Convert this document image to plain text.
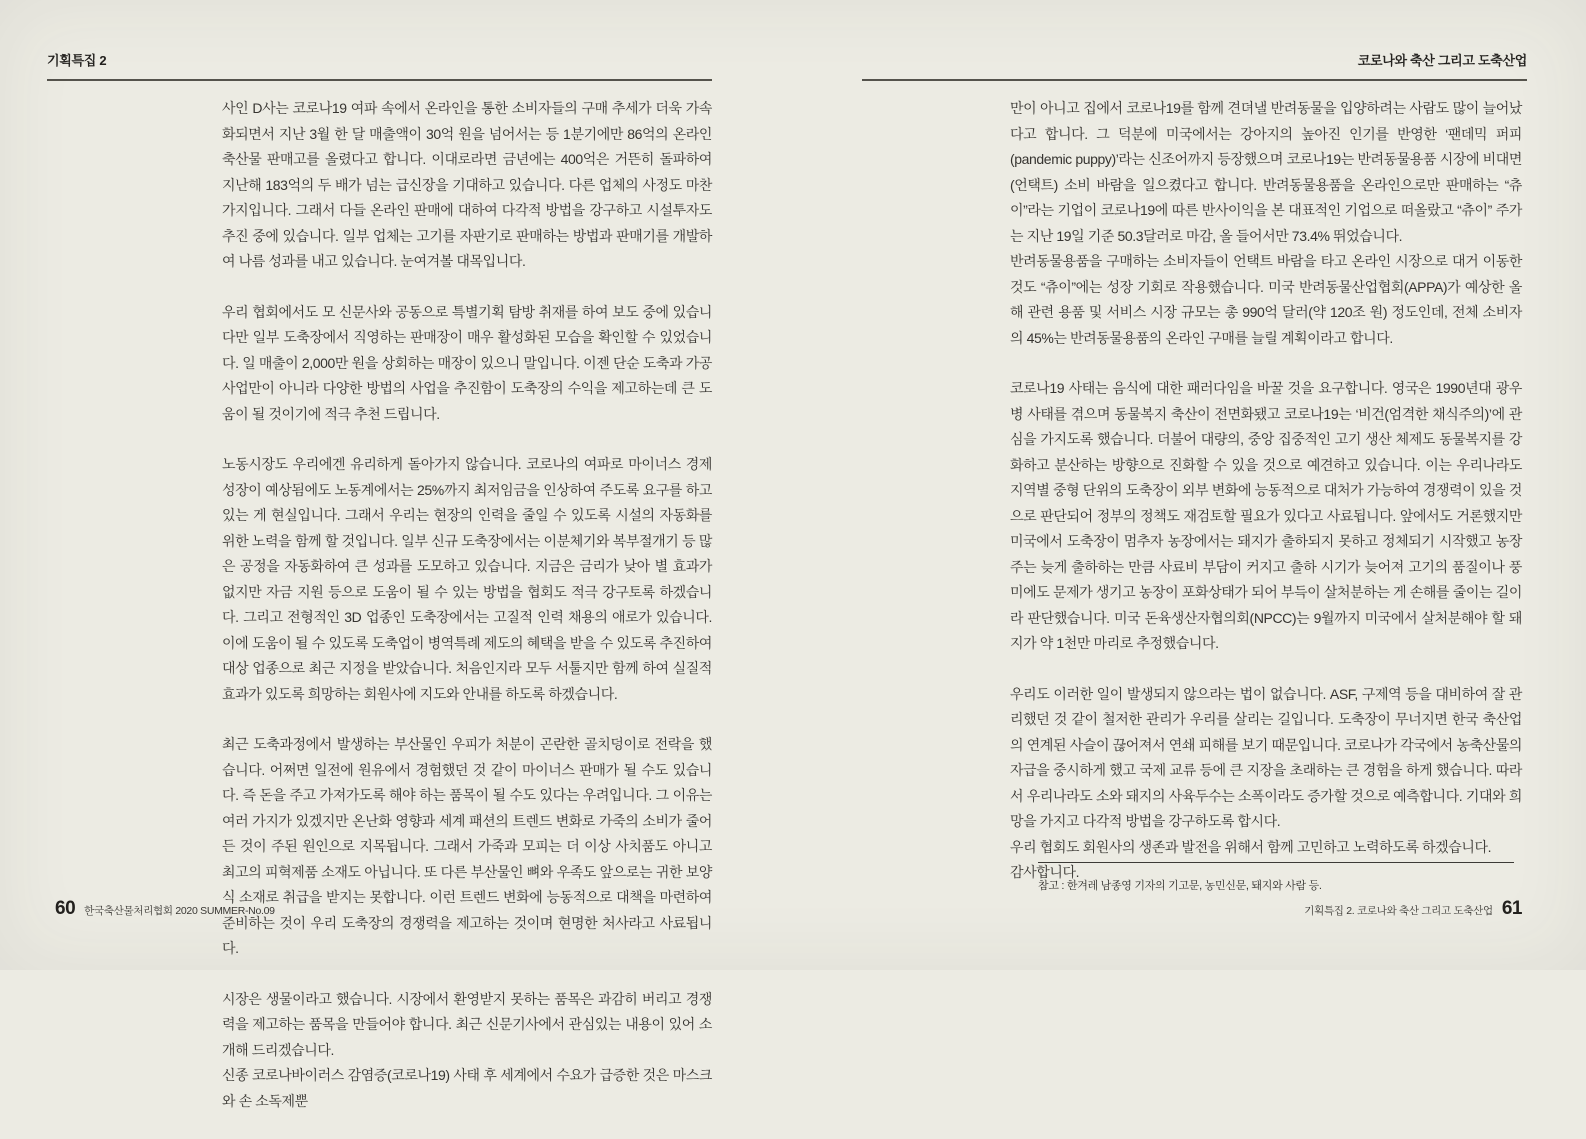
기획특집 2

사인 D사는 코로나19 여파 속에서 온라인을 통한 소비자들의 구매 추세가 더욱 가속화되면서 지난 3월 한 달 매출액이 30억 원을 넘어서는 등 1분기에만 86억의 온라인 축산물 판매고를 올렸다고 합니다. 이대로라면 금년에는 400억은 거뜬히 돌파하여 지난해 183억의 두 배가 넘는 급신장을 기대하고 있습니다. 다른 업체의 사정도 마찬가지입니다. 그래서 다들 온라인 판매에 대하여 다각적 방법을 강구하고 시설투자도 추진 중에 있습니다. 일부 업체는 고기를 자판기로 판매하는 방법과 판매기를 개발하여 나름 성과를 내고 있습니다. 눈여겨볼 대목입니다.

우리 협회에서도 모 신문사와 공동으로 특별기획 탐방 취재를 하여 보도 중에 있습니다만 일부 도축장에서 직영하는 판매장이 매우 활성화된 모습을 확인할 수 있었습니다. 일 매출이 2,000만 원을 상회하는 매장이 있으니 말입니다. 이젠 단순 도축과 가공사업만이 아니라 다양한 방법의 사업을 추진함이 도축장의 수익을 제고하는데 큰 도움이 될 것이기에 적극 추천 드립니다.

노동시장도 우리에겐 유리하게 돌아가지 않습니다. 코로나의 여파로 마이너스 경제 성장이 예상됨에도 노동계에서는 25%까지 최저임금을 인상하여 주도록 요구를 하고 있는 게 현실입니다. 그래서 우리는 현장의 인력을 줄일 수 있도록 시설의 자동화를 위한 노력을 함께 할 것입니다. 일부 신규 도축장에서는 이분체기와 복부절개기 등 많은 공정을 자동화하여 큰 성과를 도모하고 있습니다. 지금은 금리가 낮아 별 효과가 없지만 자금 지원 등으로 도움이 될 수 있는 방법을 협회도 적극 강구토록 하겠습니다. 그리고 전형적인 3D 업종인 도축장에서는 고질적 인력 채용의 애로가 있습니다. 이에 도움이 될 수 있도록 도축업이 병역특례 제도의 혜택을 받을 수 있도록 추진하여 대상 업종으로 최근 지정을 받았습니다. 처음인지라 모두 서툴지만 함께 하여 실질적 효과가 있도록 희망하는 회원사에 지도와 안내를 하도록 하겠습니다.

최근 도축과정에서 발생하는 부산물인 우피가 처분이 곤란한 골치덩이로 전락을 했습니다. 어쩌면 일전에 원유에서 경험했던 것 같이 마이너스 판매가 될 수도 있습니다. 즉 돈을 주고 가져가도록 해야 하는 품목이 될 수도 있다는 우려입니다. 그 이유는 여러 가지가 있겠지만 온난화 영향과 세계 패션의 트렌드 변화로 가죽의 소비가 줄어든 것이 주된 원인으로 지목됩니다. 그래서 가죽과 모피는 더 이상 사치품도 아니고 최고의 피혁제품 소재도 아닙니다. 또 다른 부산물인 뼈와 우족도 앞으로는 귀한 보양식 소재로 취급을 받지는 못합니다. 이런 트렌드 변화에 능동적으로 대책을 마련하여 준비하는 것이 우리 도축장의 경쟁력을 제고하는 것이며 현명한 처사라고 사료됩니다.

시장은 생물이라고 했습니다. 시장에서 환영받지 못하는 품목은 과감히 버리고 경쟁력을 제고하는 품목을 만들어야 합니다. 최근 신문기사에서 관심있는 내용이 있어 소개해 드리겠습니다.
신종 코로나바이러스 감염증(코로나19) 사태 후 세계에서 수요가 급증한 것은 마스크와 손 소독제뿐

60 한국축산물처리협회 2020 SUMMER-No.09
코로나와 축산 그리고 도축산업

만이 아니고 집에서 코로나19를 함께 견뎌낼 반려동물을 입양하려는 사람도 많이 늘어났다고 합니다. 그 덕분에 미국에서는 강아지의 높아진 인기를 반영한 ‘팬데믹 퍼피(pandemic puppy)’라는 신조어까지 등장했으며 코로나19는 반려동물용품 시장에 비대면(언택트) 소비 바람을 일으켰다고 합니다. 반려동물용품을 온라인으로만 판매하는 “츄이”라는 기업이 코로나19에 따른 반사이익을 본 대표적인 기업으로 떠올랐고 “츄이” 주가는 지난 19일 기준 50.3달러로 마감, 올 들어서만 73.4% 뛰었습니다.
반려동물용품을 구매하는 소비자들이 언택트 바람을 타고 온라인 시장으로 대거 이동한 것도 “츄이”에는 성장 기회로 작용했습니다. 미국 반려동물산업협회(APPA)가 예상한 올해 관련 용품 및 서비스 시장 규모는 총 990억 달러(약 120조 원) 정도인데, 전체 소비자의 45%는 반려동물용품의 온라인 구매를 늘릴 계획이라고 합니다.

코로나19 사태는 음식에 대한 패러다임을 바꿀 것을 요구합니다. 영국은 1990년대 광우병 사태를 겪으며 동물복지 축산이 전면화됐고 코로나19는 ‘비건(엄격한 채식주의)’에 관심을 가지도록 했습니다. 더불어 대량의, 중앙 집중적인 고기 생산 체제도 동물복지를 강화하고 분산하는 방향으로 진화할 수 있을 것으로 예견하고 있습니다. 이는 우리나라도 지역별 중형 단위의 도축장이 외부 변화에 능동적으로 대처가 가능하여 경쟁력이 있을 것으로 판단되어 정부의 정책도 재검토할 필요가 있다고 사료됩니다. 앞에서도 거론했지만 미국에서 도축장이 멈추자 농장에서는 돼지가 출하되지 못하고 정체되기 시작했고 농장주는 늦게 출하하는 만큼 사료비 부담이 커지고 출하 시기가 늦어져 고기의 품질이나 풍미에도 문제가 생기고 농장이 포화상태가 되어 부득이 살처분하는 게 손해를 줄이는 길이라 판단했습니다. 미국 돈육생산자협의회(NPCC)는 9월까지 미국에서 살처분해야 할 돼지가 약 1천만 마리로 추정했습니다.

우리도 이러한 일이 발생되지 않으라는 법이 없습니다. ASF, 구제역 등을 대비하여 잘 관리했던 것 같이 철저한 관리가 우리를 살리는 길입니다. 도축장이 무너지면 한국 축산업의 연계된 사슬이 끊어져서 연쇄 피해를 보기 때문입니다. 코로나가 각국에서 농축산물의 자급을 중시하게 했고 국제 교류 등에 큰 지장을 초래하는 큰 경험을 하게 했습니다. 따라서 우리나라도 소와 돼지의 사육두수는 소폭이라도 증가할 것으로 예측합니다. 기대와 희망을 가지고 다각적 방법을 강구하도록 합시다.
우리 협회도 회원사의 생존과 발전을 위해서 함께 고민하고 노력하도록 하겠습니다.
감사합니다.

참고 : 한겨레 남종영 기자의 기고문, 농민신문, 돼지와 사람 등.
기획특집 2. 코로나와 축산 그리고 도축산업 61
